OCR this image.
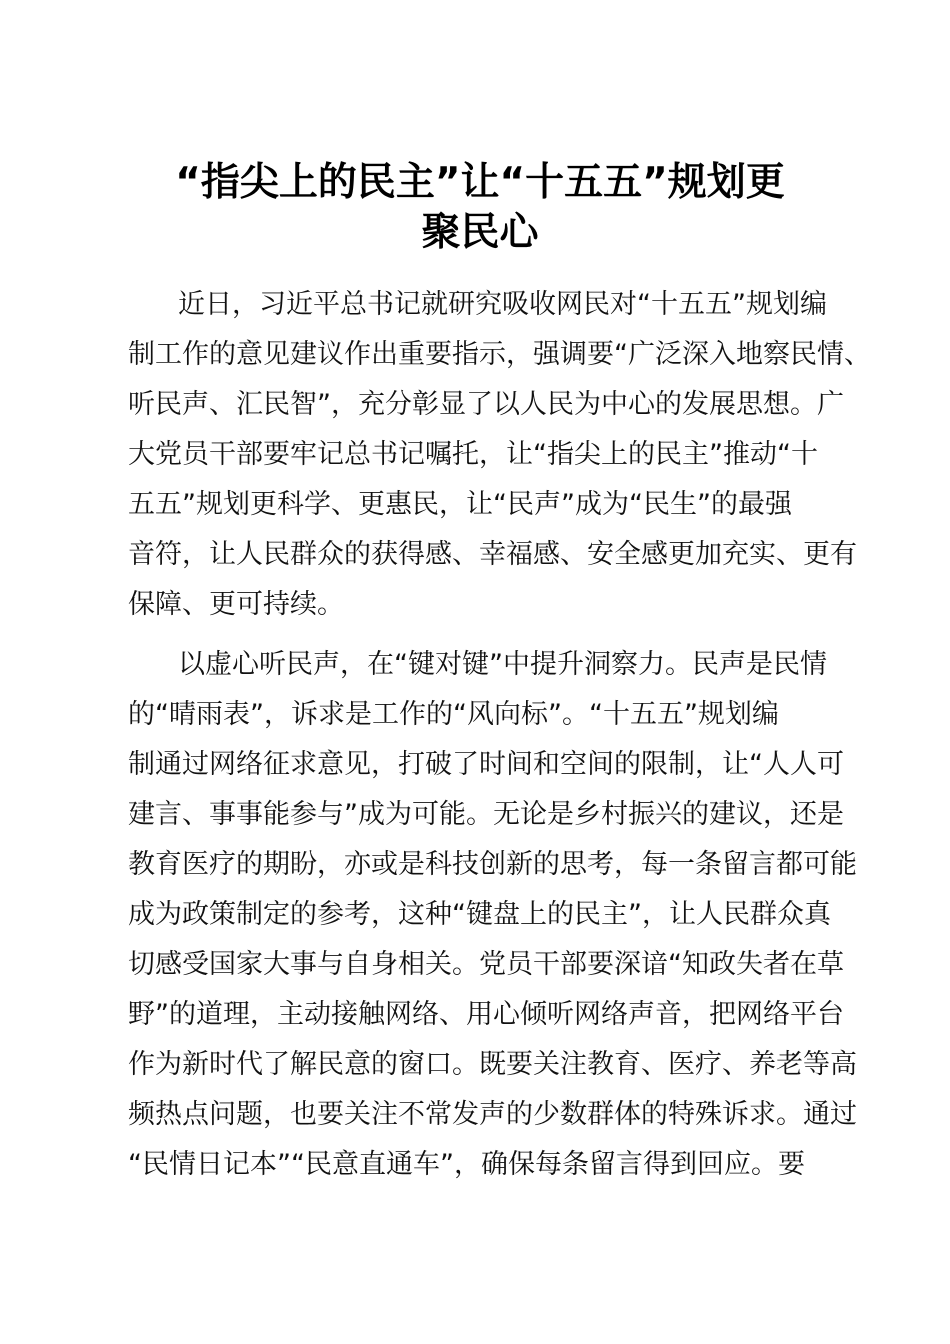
“指尖上的民主”让“十五五”规划更
聚民心

近日，习近平总书记就研究吸收网民对“十五五”规划编
制工作的意见建议作出重要指示，强调要“广泛深入地察民情、
听民声、汇民智”，充分彰显了以人民为中心的发展思想。广
大党员干部要牢记总书记嘱托，让“指尖上的民主”推动“十
五五”规划更科学、更惠民，让“民声”成为“民生”的最强
音符，让人民群众的获得感、幸福感、安全感更加充实、更有
保障、更可持续。

以虚心听民声，在“键对键”中提升洞察力。民声是民情
的“晴雨表”，诉求是工作的“风向标”。“十五五”规划编
制通过网络征求意见，打破了时间和空间的限制，让“人人可
建言、事事能参与”成为可能。无论是乡村振兴的建议，还是
教育医疗的期盼，亦或是科技创新的思考，每一条留言都可能
成为政策制定的参考，这种“键盘上的民主”，让人民群众真
切感受国家大事与自身相关。党员干部要深谙“知政失者在草
野”的道理，主动接触网络、用心倾听网络声音，把网络平台
作为新时代了解民意的窗口。既要关注教育、医疗、养老等高
频热点问题，也要关注不常发声的少数群体的特殊诉求。通过
“民情日记本”“民意直通车”，确保每条留言得到回应。要
